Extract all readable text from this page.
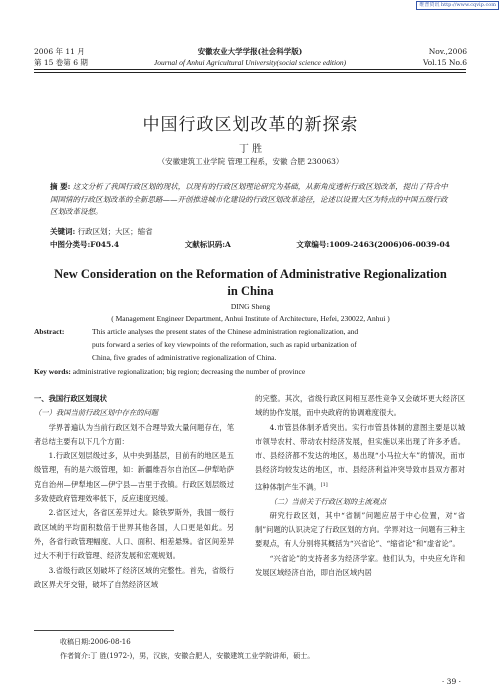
维普资讯 http://www.cqvip.com
2006 年 11 月
第 15 卷第 6 期
安徽农业大学学报(社会科学版)
Journal of Anhui Agricultural University(social science edition)
Nov.,2006
Vol.15 No.6
中国行政区划改革的新探索
丁 胜
（安徽建筑工业学院 管理工程系，安徽 合肥 230063）
摘 要: 这文分析了我国行政区划的现状，以现有的行政区划理论研究为基础，从新角度透析行政区划改革，提出了符合中国国情的行政区划改革的全新思路——开创推进城市化建设的行政区划改革途径，论述以设置大区为特点的中国五级行政区划改革设想。
关键词: 行政区划；大区；缩省
中图分类号:F045.4	文献标识码:A	文章编号:1009-2463(2006)06-0039-04
New Consideration on the Reformation of Administrative Regionalization
in China
DING Sheng
( Management Engineer Department, Anhui Institute of Architecture, Hefei, 230022, Anhui )
Abstract:	This article analyses the present states of the Chinese administration regionalization, and
puts forward a series of key viewpoints of the reformation, such as rapid urbanization of
China, five grades of administrative regionalization of China.
Key words: administrative regionalization; big region; decreasing the number of province

一、我国行政区划现状

（一）我国当前行政区划中存在的问题

学界普遍认为当前行政区划不合理导致大量问题存在，笔者总结主要有以下几个方面：

1.行政区划层级过多，从中央到基层，目前有的地区是五级管理，有的是六级管理，如：新疆维吾尔自治区—伊犁哈萨克自治州—伊犁地区—伊宁县—吉里于孜镇。行政区划层级过多致使政府管理效率低下，反应速度迟缓。

2.省区过大，各省区差异过大。除铁罗斯外，我国一级行政区域的平均面积数倍于世界其他各国，人口更是如此。另外，各省行政管理幅度、人口、面积、相差悬殊。省区间差异过大不利于行政管理、经济发展和宏观规划。

3.省级行政区划破坏了经济区域的完整性。首先，省级行政区界犬牙交错，破坏了自然经济区域

的完整。其次，省级行政区间相互恶性竞争又会破坏更大经济区域的协作发展，而中央政府的协调难度很大。

4.市管县体制矛盾突出。实行市管县体制的意图主要是以城市领导农村、带动农村经济发展，但实施以来出现了许多矛盾。市、县经济都不发达的地区，易出现“小马拉大车”的情况，而市县经济均较发达的地区，市、县经济利益冲突导致市县双方都对这种体制产生不满。[1]

（二）当前关于行政区划的主流观点

研究行政区划，其中“省制”问题应居于中心位置，对“省制”问题的认识决定了行政区划的方向。学界对这一问题有三种主要观点，有人分别将其概括为“兴省论”、“缩省论”和“虚省论”。

“兴省论”的支持者多为经济学家。他们认为，中央应允许和发展区域经济自治，即自治区域内居

收稿日期:2006-08-16
作者简介:丁 胜(1972-)，男，汉族，安徽合肥人，安徽建筑工业学院讲师，硕士。
· 39 ·
